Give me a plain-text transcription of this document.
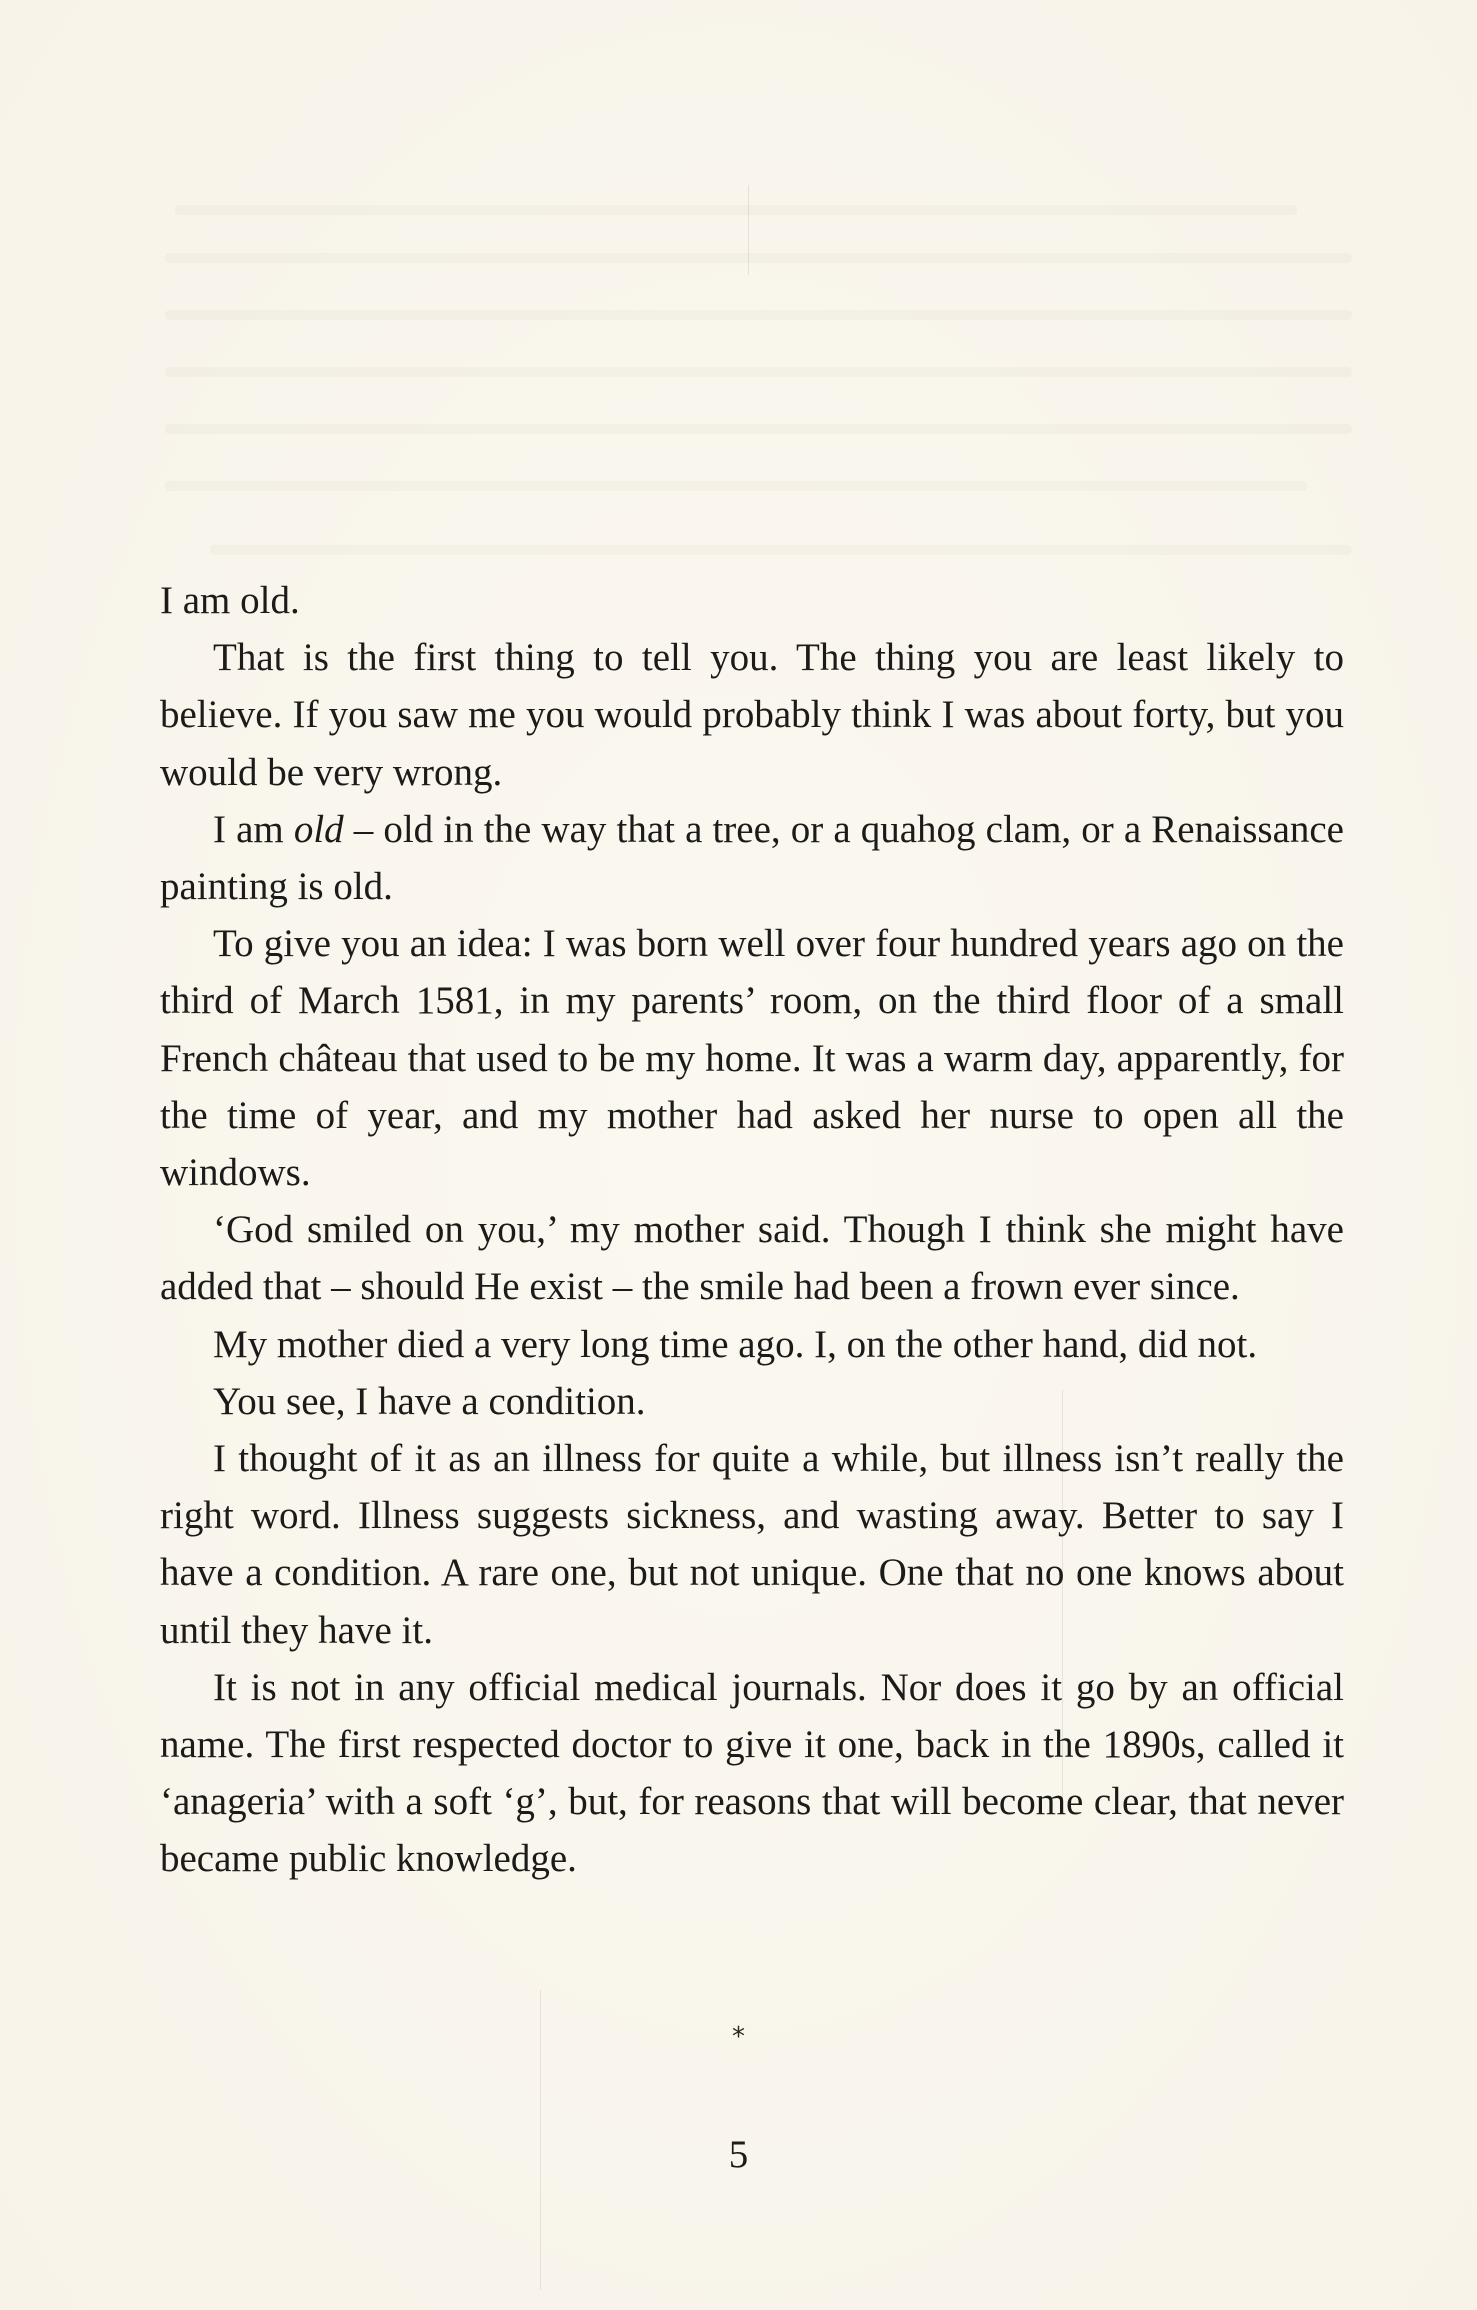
I am old.

That is the first thing to tell you. The thing you are least likely to believe. If you saw me you would probably think I was about forty, but you would be very wrong.

I am old – old in the way that a tree, or a quahog clam, or a Renaissance painting is old.

To give you an idea: I was born well over four hundred years ago on the third of March 1581, in my parents’ room, on the third floor of a small French château that used to be my home. It was a warm day, apparently, for the time of year, and my mother had asked her nurse to open all the windows.

‘God smiled on you,’ my mother said. Though I think she might have added that – should He exist – the smile had been a frown ever since.

My mother died a very long time ago. I, on the other hand, did not.

You see, I have a condition.

I thought of it as an illness for quite a while, but illness isn’t really the right word. Illness suggests sickness, and wasting away. Better to say I have a condition. A rare one, but not unique. One that no one knows about until they have it.

It is not in any official medical journals. Nor does it go by an official name. The first respected doctor to give it one, back in the 1890s, called it ‘anageria’ with a soft ‘g’, but, for reasons that will become clear, that never became public knowledge.

*
5
